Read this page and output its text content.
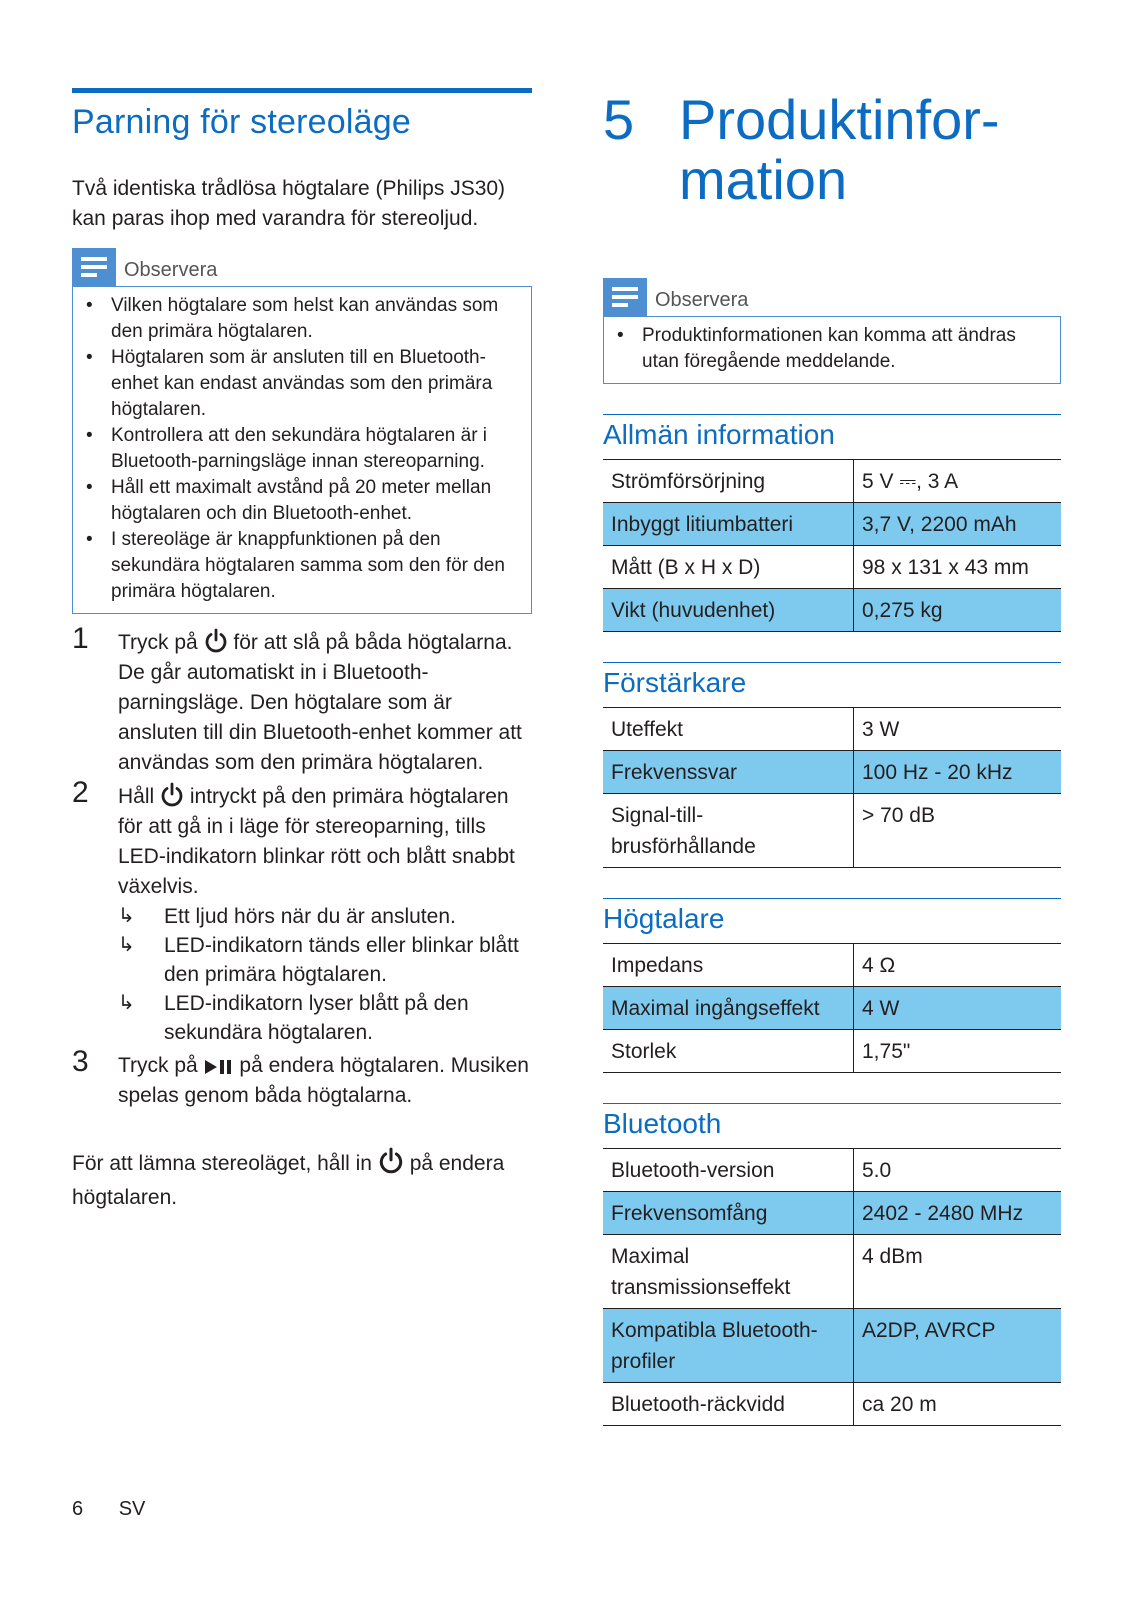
Parning för stereoläge
Två identiska trådlösa högtalare (Philips JS30) kan paras ihop med varandra för stereoljud.
Observera
• Vilken högtalare som helst kan användas som den primära högtalaren.
• Högtalaren som är ansluten till en Bluetooth-enhet kan endast användas som den primära högtalaren.
• Kontrollera att den sekundära högtalaren är i Bluetooth-parningsläge innan stereoparning.
• Håll ett maximalt avstånd på 20 meter mellan högtalaren och din Bluetooth-enhet.
• I stereoläge är knappfunktionen på den sekundära högtalaren samma som den för den primära högtalaren.
1 Tryck på för att slå på båda högtalarna. De går automatiskt in i Bluetooth-parningsläge. Den högtalare som är ansluten till din Bluetooth-enhet kommer att användas som den primära högtalaren.
2 Håll intryckt på den primära högtalaren för att gå in i läge för stereoparning, tills LED-indikatorn blinkar rött och blått snabbt växelvis.
↳ Ett ljud hörs när du är ansluten.
↳ LED-indikatorn tänds eller blinkar blått den primära högtalaren.
↳ LED-indikatorn lyser blått på den sekundära högtalaren.
3 Tryck på på endera högtalaren. Musiken spelas genom båda högtalarna.
För att lämna stereoläget, håll in på endera högtalaren.
5 Produktinfor-mation
Observera
• Produktinformationen kan komma att ändras utan föregående meddelande.
Allmän information
Strömförsörjning	5 V ⎓, 3 A
Inbyggt litiumbatteri	3,7 V, 2200 mAh
Mått (B x H x D)	98 x 131 x 43 mm
Vikt (huvudenhet)	0,275 kg
Förstärkare
Uteffekt	3 W
Frekvenssvar	100 Hz - 20 kHz
Signal-till-brusförhållande	> 70 dB
Högtalare
Impedans	4 Ω
Maximal ingångseffekt	4 W
Storlek	1,75"
Bluetooth
Bluetooth-version	5.0
Frekvensomfång	2402 - 2480 MHz
Maximal transmissionseffekt	4 dBm
Kompatibla Bluetooth-profiler	A2DP, AVRCP
Bluetooth-räckvidd	ca 20 m
6 SV
